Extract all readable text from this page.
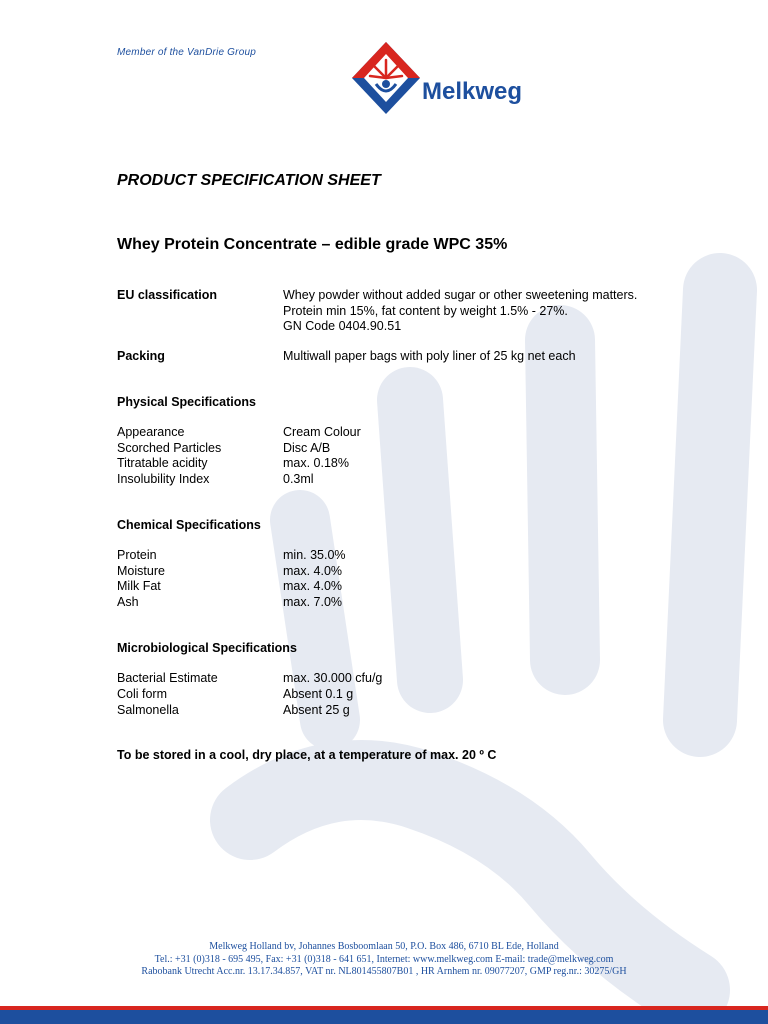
Member of the VanDrie Group
Melkweg
PRODUCT SPECIFICATION SHEET
Whey Protein Concentrate – edible grade WPC 35%
EU classification	Whey powder without added sugar or other sweetening matters.
Protein min 15%, fat content by weight 1.5% - 27%.
GN Code 0404.90.51
Packing	Multiwall paper bags with poly liner of 25 kg net each
Physical Specifications
Appearance	Cream Colour
Scorched Particles	Disc A/B
Titratable acidity	max. 0.18%
Insolubility Index	0.3ml
Chemical Specifications
Protein	min. 35.0%
Moisture	max. 4.0%
Milk Fat	max. 4.0%
Ash	max. 7.0%
Microbiological Specifications
Bacterial Estimate	max. 30.000 cfu/g
Coli form	Absent 0.1 g
Salmonella	Absent 25 g
To be stored in a cool, dry place, at a temperature of max. 20 º C
Melkweg Holland bv, Johannes Bosboomlaan 50, P.O. Box 486, 6710 BL Ede, Holland
Tel.: +31 (0)318 - 695 495, Fax: +31 (0)318 - 641 651, Internet: www.melkweg.com E-mail: trade@melkweg.com
Rabobank Utrecht Acc.nr. 13.17.34.857, VAT nr. NL801455807B01 , HR Arnhem nr. 09077207, GMP reg.nr.: 30275/GH
